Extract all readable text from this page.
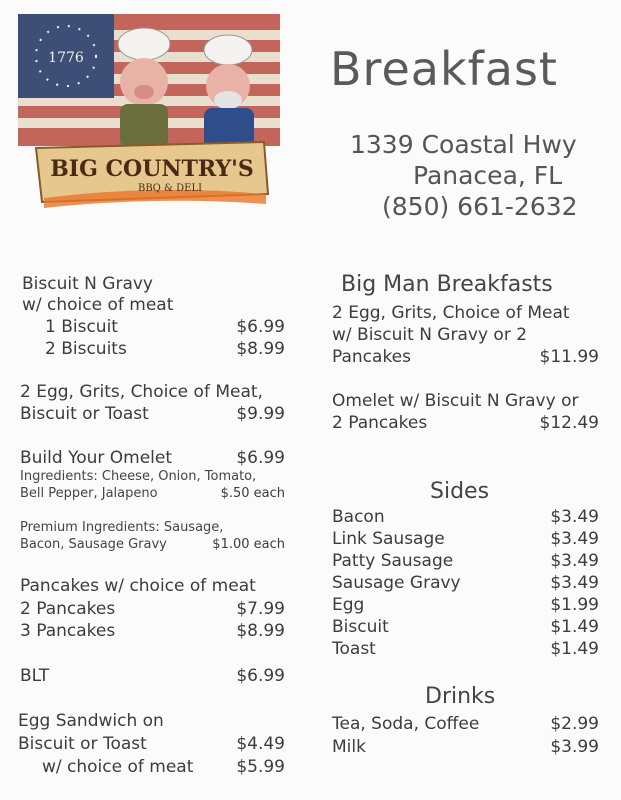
1776
BIG COUNTRY'S
BBQ & DELI
Breakfast
1339 Coastal Hwy
Panacea, FL
(850) 661-2632
Biscuit N Gravy
w/ choice of meat
1 Biscuit	$6.99
2 Biscuits	$8.99
2 Egg, Grits, Choice of Meat,
Biscuit or Toast	$9.99
Build Your Omelet	$6.99
Ingredients: Cheese, Onion, Tomato,
Bell Pepper, Jalapeno	$.50 each
Premium Ingredients: Sausage,
Bacon, Sausage Gravy	$1.00 each
Pancakes w/ choice of meat
2 Pancakes	$7.99
3 Pancakes	$8.99
BLT	$6.99
Egg Sandwich on
Biscuit or Toast	$4.49
w/ choice of meat	$5.99
Big Man Breakfasts
2 Egg, Grits, Choice of Meat
w/ Biscuit N Gravy or 2
Pancakes	$11.99
Omelet w/ Biscuit N Gravy or
2 Pancakes	$12.49
Sides
Bacon	$3.49
Link Sausage	$3.49
Patty Sausage	$3.49
Sausage Gravy	$3.49
Egg	$1.99
Biscuit	$1.49
Toast	$1.49
Drinks
Tea, Soda, Coffee	$2.99
Milk	$3.99
